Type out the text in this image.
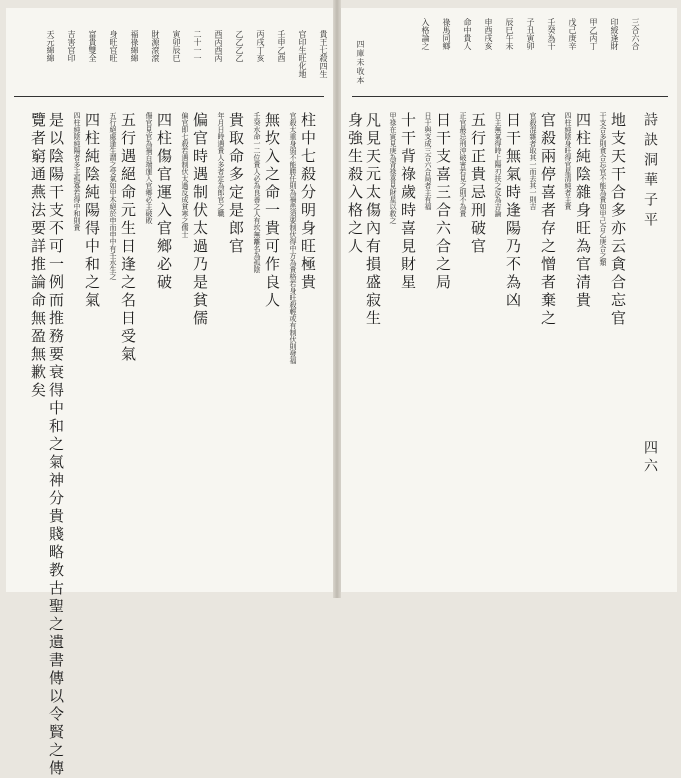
詩訣洞華子平
四六
四庫未收本
貴王七殺四生
官印生旺化地
壬申乙酉
丙戌丁亥
乙乙乙乙
酉丙酉丙
二十一一
寅卯辰巳
財源滾滾
福祿綿綿
身旺官旺
富貴雙全
吉害官印
天元綿綿	三合六合
印綬逢財
甲乙丙丁
戊己庚辛
壬癸為干
子丑寅卯
辰巳午未
申酉戌亥
命中貴人
祿馬同鄉
入格論之
柱中七殺分明身旺極貴
官殺太重身弱不能勝任則為禍患須要制伏得中方為貴格若身旺殺輕或有制伏則發福
無坎入之命一貴可作良人
壬癸水命一二位貴人必為良善之人有坎無離名為孤陰
貴取命多定是郎官
年月日時遇貴人多者定為郎官之職
偏官時遇制伏太過乃是貧儒
偏官即七殺若遇制伏太過反成貧寒之儒士
四柱傷官運入官鄉必破
傷官見官為禍百端運入官鄉必主破敗
五行遇絕命元生日逢之名日受氣
五行絕處逢生謂之受氣如甲木絕於申而申中有壬水生之
四柱純陰純陽得中和之氣
四柱純陰純陽者多主孤寡若得中和則貴
是以陰陽干支不可一例而推務要衰得中和之氣神分貴賤略教古聖之遺書傳以令賢之傳
覽者窮通燕法要詳推論命無盈無歉矣	地支天干合多亦云貪合忘官
干支合多則貪合忘官不能為貴如甲己合乙庚合之類
四柱純陰雜身旺為官清貴
四柱純陰身旺得官星清純者主貴
官殺兩停喜者存之憎者棄之
官殺混雜者取其一而去其一則吉
日干無氣時逢陽乃不為凶
日主無氣得時上陽刃扶之反為吉論
五行正貴忌刑破官
正官最忌刑沖破害若見之則不為貴
日干支喜三合六合之局
日干與支成三合六合局者主有福
十干背祿歲時喜見財星
甲祿在寅見庚為背祿喜見財星以救之
凡見天元太傷內有損盛寂生
身強生殺入格之人
